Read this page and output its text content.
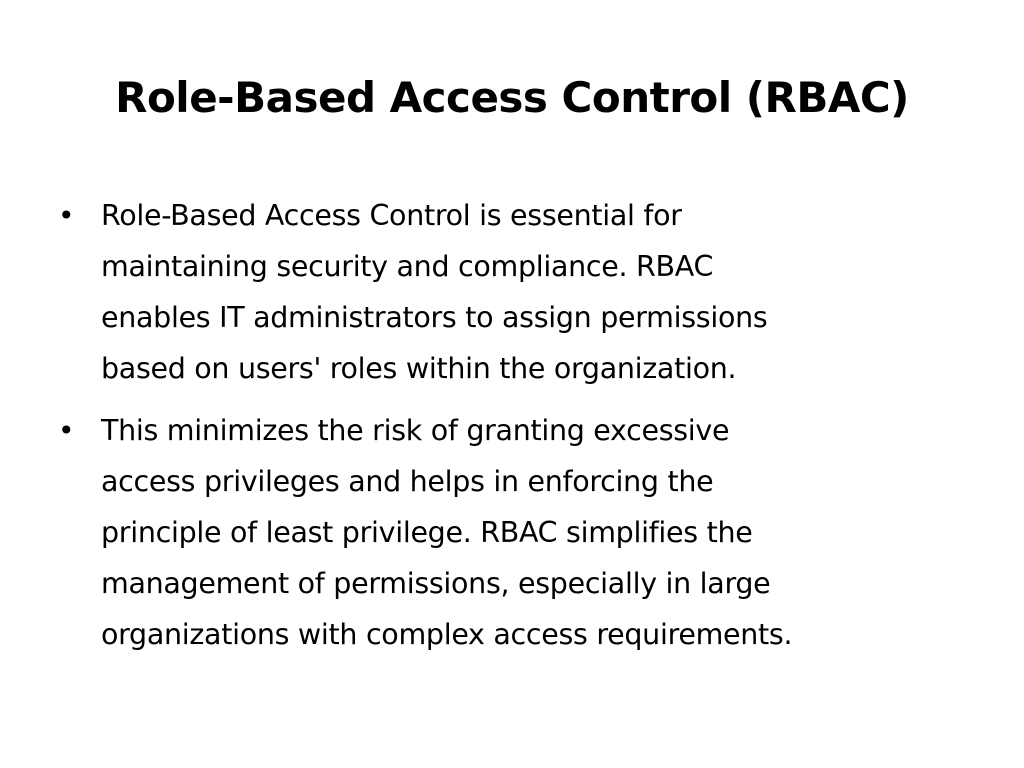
Role-Based Access Control (RBAC)
• Role-Based Access Control is essential for
maintaining security and compliance. RBAC
enables IT administrators to assign permissions
based on users' roles within the organization.
• This minimizes the risk of granting excessive
access privileges and helps in enforcing the
principle of least privilege. RBAC simplifies the
management of permissions, especially in large
organizations with complex access requirements.
